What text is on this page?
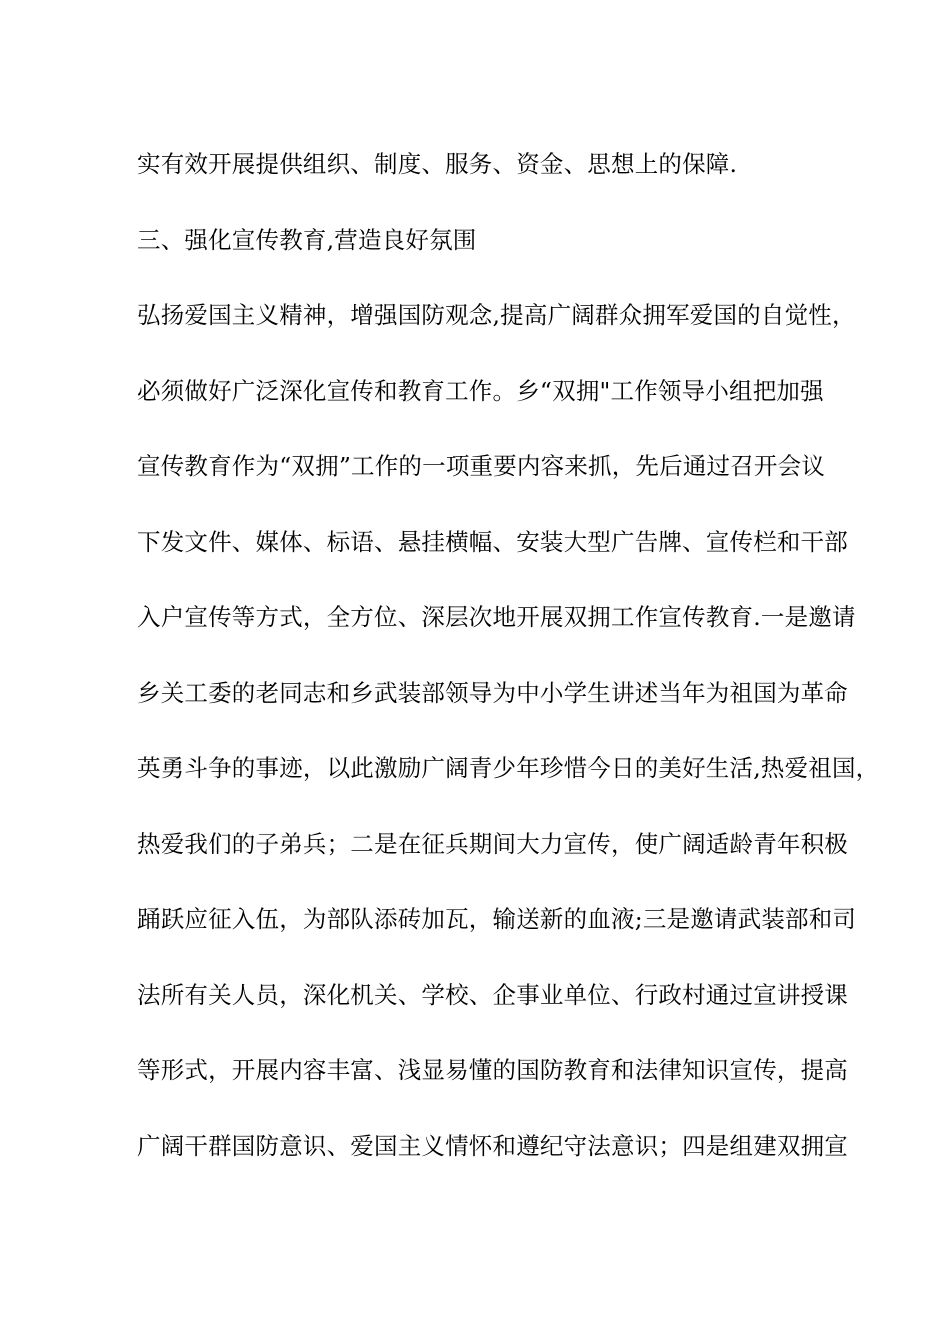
实有效开展提供组织、制度、服务、资金、思想上的保障.
三、强化宣传教育,营造良好氛围
弘扬爱国主义精神，增强国防观念,提高广阔群众拥军爱国的自觉性，
必须做好广泛深化宣传和教育工作。乡“双拥"工作领导小组把加强
宣传教育作为“双拥”工作的一项重要内容来抓，先后通过召开会议
下发文件、媒体、标语、悬挂横幅、安装大型广告牌、宣传栏和干部
入户宣传等方式，全方位、深层次地开展双拥工作宣传教育.一是邀请
乡关工委的老同志和乡武装部领导为中小学生讲述当年为祖国为革命
英勇斗争的事迹，以此激励广阔青少年珍惜今日的美好生活,热爱祖国，
热爱我们的子弟兵；二是在征兵期间大力宣传，使广阔适龄青年积极
踊跃应征入伍，为部队添砖加瓦，输送新的血液;三是邀请武装部和司
法所有关人员，深化机关、学校、企事业单位、行政村通过宣讲授课
等形式，开展内容丰富、浅显易懂的国防教育和法律知识宣传，提高
广阔干群国防意识、爱国主义情怀和遵纪守法意识；四是组建双拥宣
